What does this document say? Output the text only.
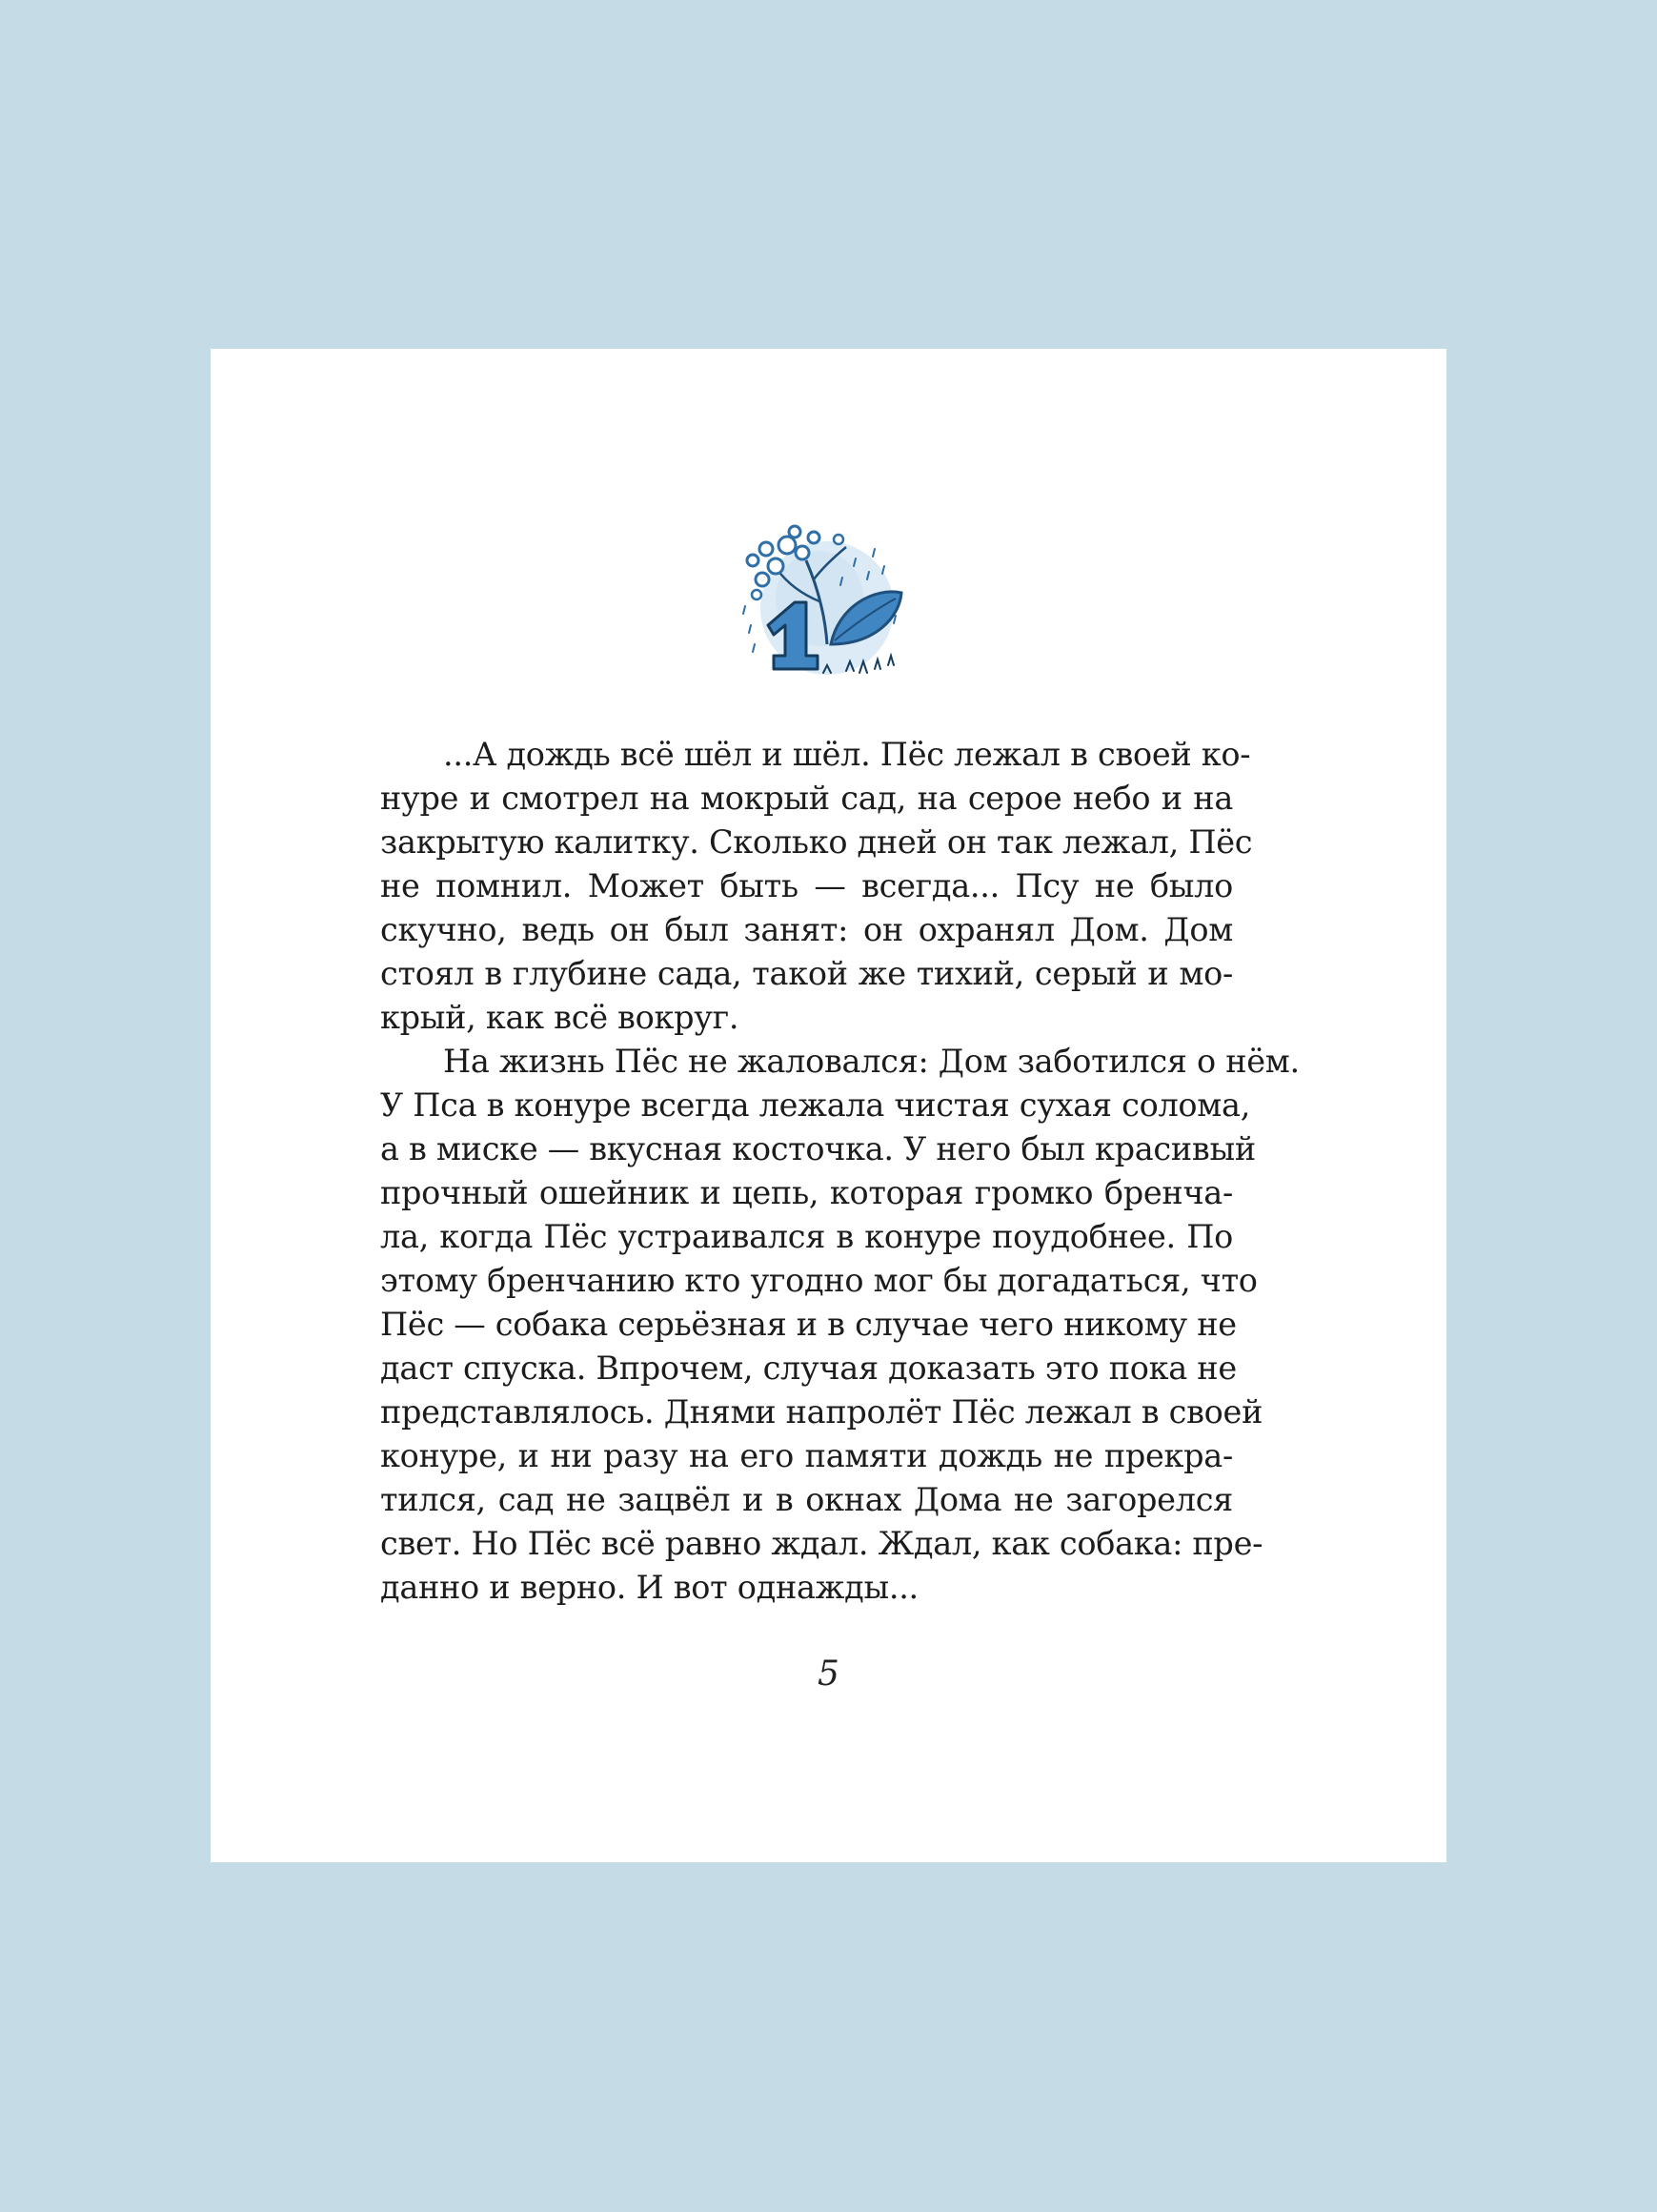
...А дождь всё шёл и шёл. Пёс лежал в своей ко-
нуре и смотрел на мокрый сад, на серое небо и на
закрытую калитку. Сколько дней он так лежал, Пёс
не помнил. Может быть — всегда... Псу не было
скучно, ведь он был занят: он охранял Дом. Дом
стоял в глубине сада, такой же тихий, серый и мо-
крый, как всё вокруг.
На жизнь Пёс не жаловался: Дом заботился о нём.
У Пса в конуре всегда лежала чистая сухая солома,
а в миске — вкусная косточка. У него был красивый
прочный ошейник и цепь, которая громко бренча-
ла, когда Пёс устраивался в конуре поудобнее. По
этому бренчанию кто угодно мог бы догадаться, что
Пёс — собака серьёзная и в случае чего никому не
даст спуска. Впрочем, случая доказать это пока не
представлялось. Днями напролёт Пёс лежал в своей
конуре, и ни разу на его памяти дождь не прекра-
тился, сад не зацвёл и в окнах Дома не загорелся
свет. Но Пёс всё равно ждал. Ждал, как собака: пре-
данно и верно. И вот однажды...
5
